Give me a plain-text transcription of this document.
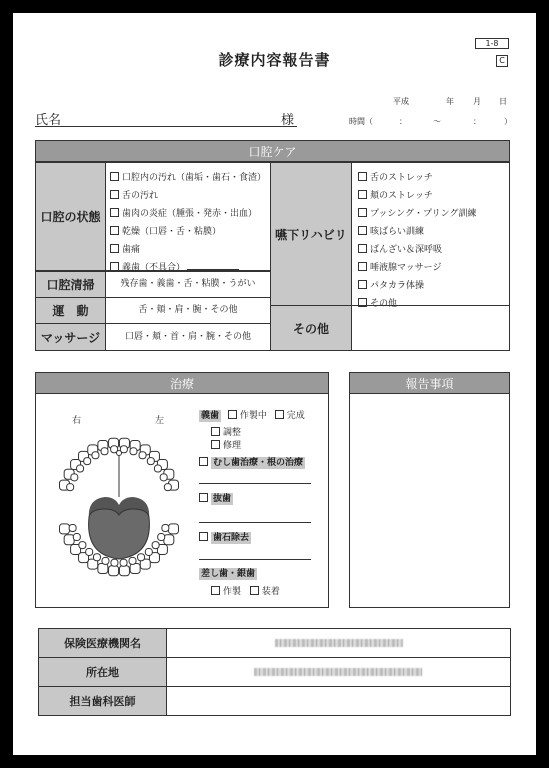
1-8
C
診療内容報告書
氏名	様
平成	年 月 日
時間（	：	〜	：	）
口腔ケア
口腔の状態
口腔内の汚れ（歯垢・歯石・食渣）
舌の汚れ
歯肉の炎症（腫張・発赤・出血）
乾燥（口唇・舌・粘膜）
歯痛
義歯（不具合）
口腔清掃	残存歯・義歯・舌・粘膜・うがい
運　動	舌・頬・肩・腕・その他
マッサージ	口唇・頬・首・肩・腕・その他
嚥下リハビリ
舌のストレッチ
頬のストレッチ
プッシング・プリング訓練
咳ばらい訓練
ばんざい＆深呼吸
唾液腺マッサージ
パタカラ体操
その他
その他
治療
右	左	義歯 作製中 完成
調整
修理
むし歯治療・根の治療
抜歯
歯石除去
差し歯・銀歯
作製 装着
報告事項
保険医療機関名
所在地
担当歯科医師
